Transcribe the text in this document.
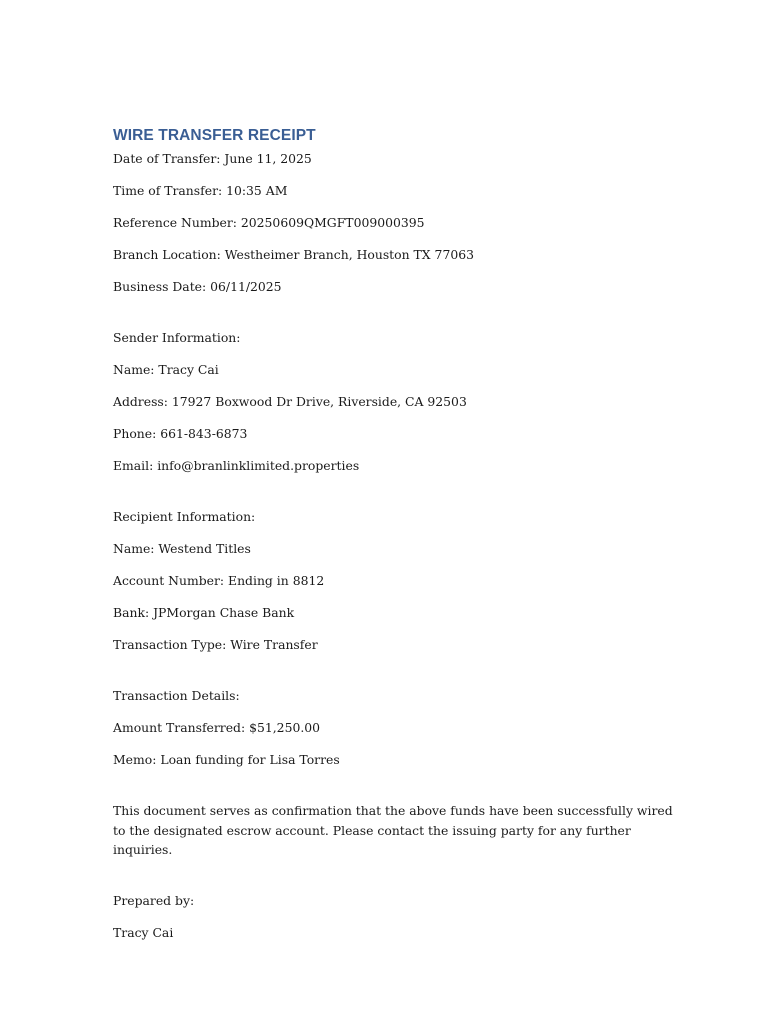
WIRE TRANSFER RECEIPT
Date of Transfer: June 11, 2025
Time of Transfer: 10:35 AM
Reference Number: 20250609QMGFT009000395
Branch Location: Westheimer Branch, Houston TX 77063
Business Date: 06/11/2025
Sender Information:
Name: Tracy Cai
Address: 17927 Boxwood Dr Drive, Riverside, CA 92503
Phone: 661-843-6873
Email: info@branlinklimited.properties
Recipient Information:
Name: Westend Titles
Account Number: Ending in 8812
Bank: JPMorgan Chase Bank
Transaction Type: Wire Transfer
Transaction Details:
Amount Transferred: $51,250.00
Memo: Loan funding for Lisa Torres

This document serves as confirmation that the above funds have been successfully wired to the designated escrow account. Please contact the issuing party for any further inquiries.

Prepared by:
Tracy Cai
